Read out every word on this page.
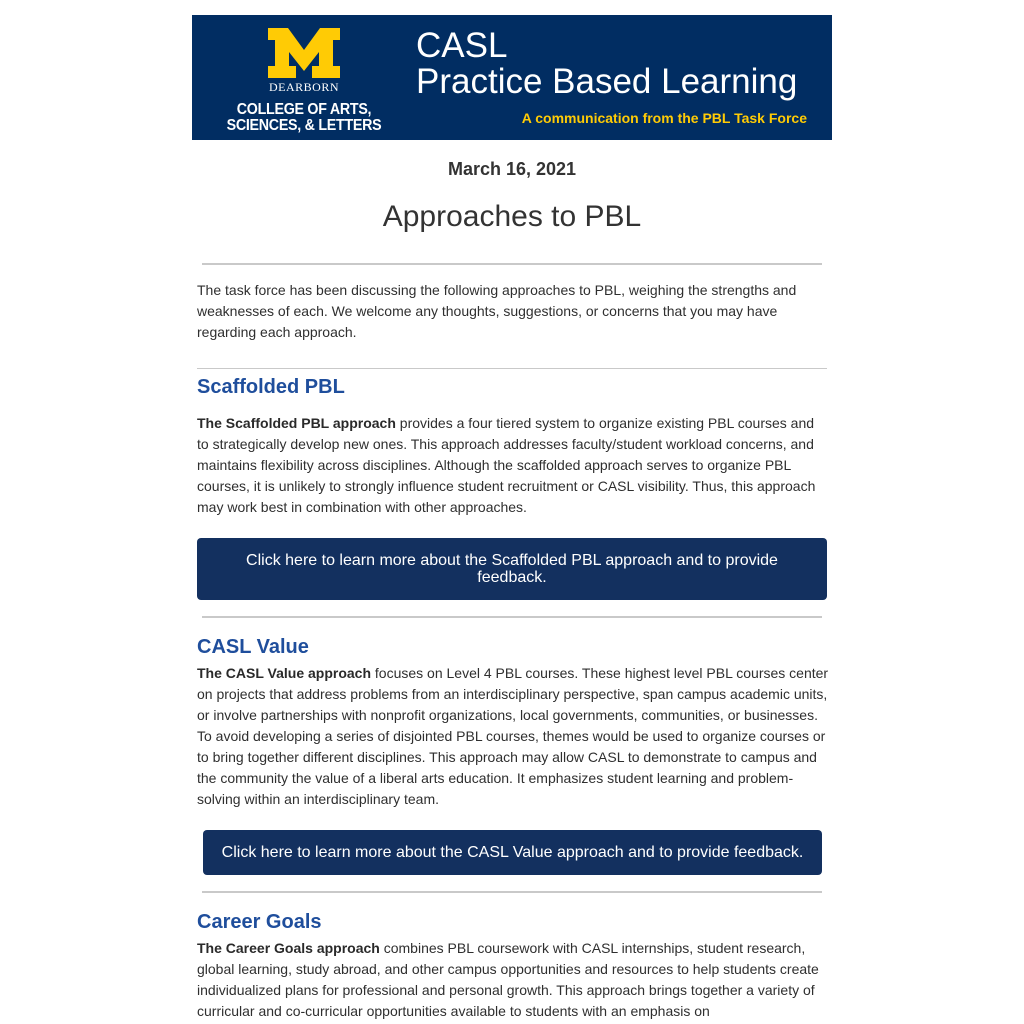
DEARBORN
COLLEGE OF ARTS,
SCIENCES, & LETTERS
CASL
Practice Based Learning
A communication from the PBL Task Force
March 16, 2021
Approaches to PBL
The task force has been discussing the following approaches to PBL, weighing the strengths and weaknesses of each. We welcome any thoughts, suggestions, or concerns that you may have regarding each approach.
Scaffolded PBL
The Scaffolded PBL approach provides a four tiered system to organize existing PBL courses and to strategically develop new ones. This approach addresses faculty/student workload concerns, and maintains flexibility across disciplines. Although the scaffolded approach serves to organize PBL courses, it is unlikely to strongly influence student recruitment or CASL visibility. Thus, this approach may work best in combination with other approaches.
Click here to learn more about the Scaffolded PBL approach and to provide feedback.
CASL Value
The CASL Value approach focuses on Level 4 PBL courses. These highest level PBL courses center on projects that address problems from an interdisciplinary perspective, span campus academic units, or involve partnerships with nonprofit organizations, local governments, communities, or businesses. To avoid developing a series of disjointed PBL courses, themes would be used to organize courses or to bring together different disciplines. This approach may allow CASL to demonstrate to campus and the community the value of a liberal arts education. It emphasizes student learning and problem-solving within an interdisciplinary team.
Click here to learn more about the CASL Value approach and to provide feedback.
Career Goals
The Career Goals approach combines PBL coursework with CASL internships, student research, global learning, study abroad, and other campus opportunities and resources to help students create individualized plans for professional and personal growth. This approach brings together a variety of curricular and co-curricular opportunities available to students with an emphasis on
